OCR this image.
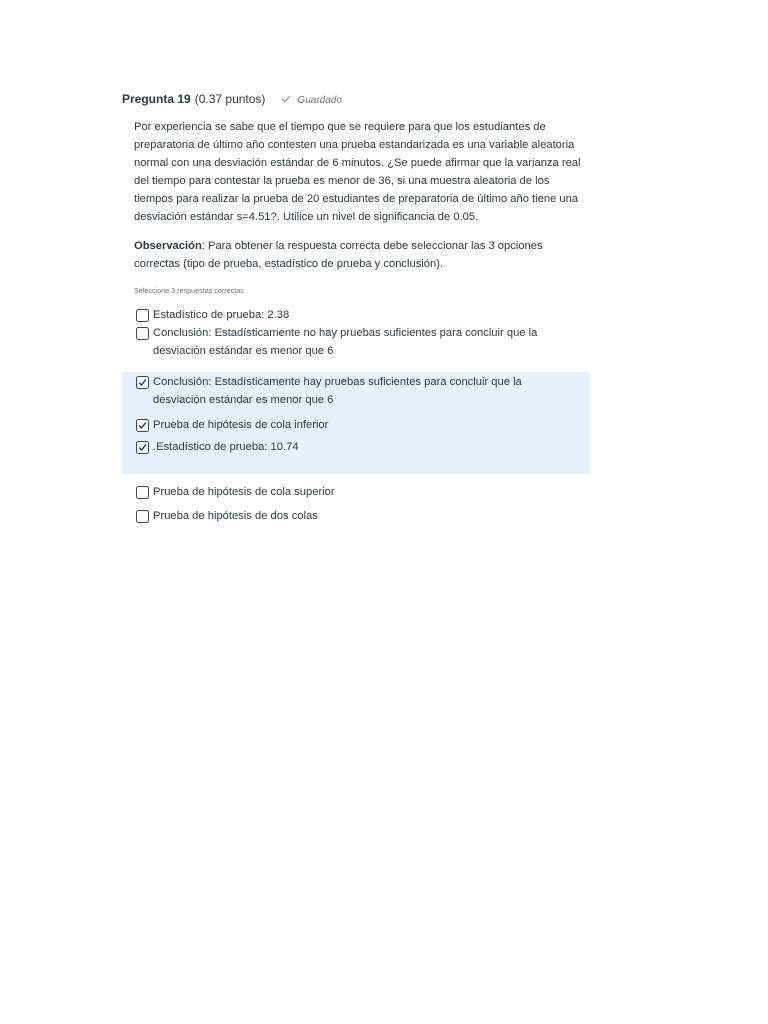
Pregunta 19 (0.37 puntos)	Guardado

Por experiencia se sabe que el tiempo que se requiere para que los estudiantes de preparatoria de último año contesten una prueba estandarizada es una variable aleatoria normal con una desviación estándar de 6 minutos. ¿Se puede afirmar que la varianza real del tiempo para contestar la prueba es menor de 36, si una muestra aleatoria de los tiempos para realizar la prueba de 20 estudiantes de preparatoria de último año tiene una desviación estándar s=4.51?. Utilice un nivel de significancia de 0.05.

Observación: Para obtener la respuesta correcta debe seleccionar las 3 opciones correctas (tipo de prueba, estadístico de prueba y conclusión).

Seleccione 3 respuestas correctas
Estadístico de prueba: 2.38
Conclusión: Estadísticamente no hay pruebas suficientes para concluir que la desviación estándar es menor que 6
Conclusión: Estadísticamente hay pruebas suficientes para concluir que la desviación estándar es menor que 6
Prueba de hipótesis de cola inferior
.Estadístico de prueba: 10.74
Prueba de hipótesis de cola superior
Prueba de hipótesis de dos colas
